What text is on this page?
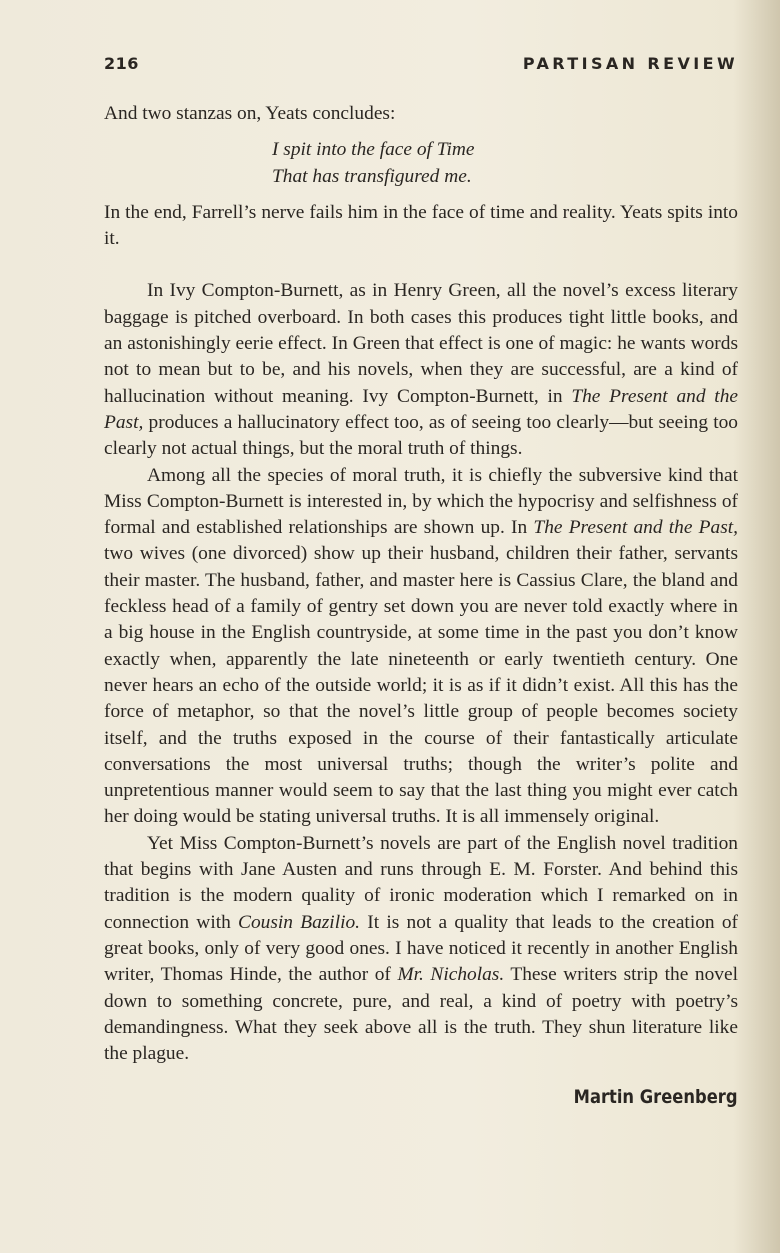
216	PARTISAN REVIEW

And two stanzas on, Yeats concludes:

I spit into the face of Time
That has transfigured me.

In the end, Farrell’s nerve fails him in the face of time and reality. Yeats spits into it.

In Ivy Compton-Burnett, as in Henry Green, all the novel’s excess literary baggage is pitched overboard. In both cases this produces tight little books, and an astonishingly eerie effect. In Green that effect is one of magic: he wants words not to mean but to be, and his novels, when they are successful, are a kind of hallucination without meaning. Ivy Compton-Burnett, in The Present and the Past, produces a hallucinatory effect too, as of seeing too clearly—but seeing too clearly not actual things, but the moral truth of things.

Among all the species of moral truth, it is chiefly the subversive kind that Miss Compton-Burnett is interested in, by which the hypocrisy and selfishness of formal and established relationships are shown up. In The Present and the Past, two wives (one divorced) show up their husband, children their father, servants their master. The husband, father, and master here is Cassius Clare, the bland and feckless head of a family of gentry set down you are never told exactly where in a big house in the English countryside, at some time in the past you don’t know exactly when, apparently the late nineteenth or early twentieth century. One never hears an echo of the outside world; it is as if it didn’t exist. All this has the force of metaphor, so that the novel’s little group of people becomes society itself, and the truths exposed in the course of their fantastically articulate conversations the most universal truths; though the writer’s polite and unpretentious manner would seem to say that the last thing you might ever catch her doing would be stating universal truths. It is all immensely original.

Yet Miss Compton-Burnett’s novels are part of the English novel tradition that begins with Jane Austen and runs through E. M. Forster. And behind this tradition is the modern quality of ironic moderation which I remarked on in connection with Cousin Bazilio. It is not a quality that leads to the creation of great books, only of very good ones. I have noticed it recently in another English writer, Thomas Hinde, the author of Mr. Nicholas. These writers strip the novel down to something concrete, pure, and real, a kind of poetry with poetry’s demandingness. What they seek above all is the truth. They shun literature like the plague.

Martin Greenberg
